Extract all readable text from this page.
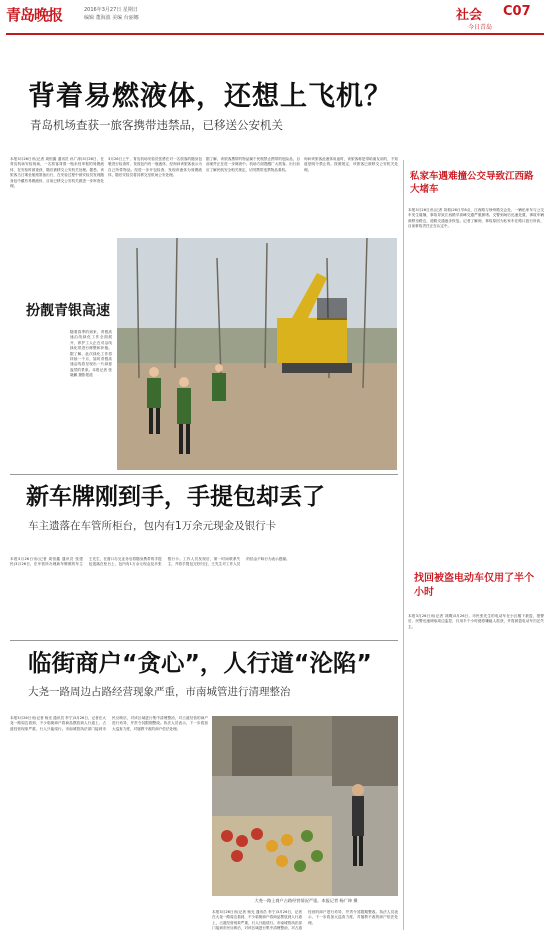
青岛晚报	2016年3月27日 星期日
编辑 董海波 美编 台丽娜	社会 C07
今日青岛
背着易燃液体，还想上飞机？
青岛机场查获一旅客携带违禁品，已移送公安机关
本报3月26日讯(记者 周恒鑫 通讯员 孙广涛)3月26日，在青岛机场安检现场，一名旅客背着一瓶未经申报的易燃液体，在安检时被查获，随后被移交公安机关处理。据悉，该旅客当日乘坐航班准备出行，在安检过程中被安检员发现随身包中藏有易燃液体，目前已移交公安机关做进一步审查处理。
3月26日上午，青岛机场安检员张勇在对一名旅客的随身包裹进行检查时，发现包内有一瓶液体，经询问该旅客表示为自己所带物品。经进一步开包检查，发现该液体为易燃液体，随后安检员将其移交至机场公安处理。
据了解，该旅客携带的物品属于民航禁止携带的危险品，目前案件正在进一步调查中。机场方面提醒广大旅客，出行前应了解民航安全相关规定，切勿携带违禁物品乘机。
询问该旅客此液体用途时，该旅客称是带给朋友用的，不知道是明令禁止的。按照规定，该旅客已被移交公安机关处理。
扮靓青银高速
随着春季的到来，青银高速沿线绿化工作全面展开，养护工人正在对沿线绿化带进行修整和补植。据了解，此次绿化工作将持续一个月，届时青银高速沿线将呈现出一片绿意盎然的景象。本报记者 张晓鹏 摄影报道
私家车遇难撞公交导致江西路大堵车
本报3月26日讯(记者 刘莉)26日早8点，江西路与徐州路交会处，一辆私家车与公交车发生碰撞，事故导致江西路早高峰交通严重拥堵。交警到场后迅速处置，事故车辆被移至路边，道路交通逐步恢复。记者了解到，事故原因为私家车在路口抢行所致，目前事故责任正在认定中。
新车牌刚到手，手提包却丢了
车主遗落在车管所柜台，包内有1万余元现金及银行卡
本报3月26日讯(记者 周恒鑫 通讯员 张建民)3月26日，在车管所办理新车牌照的车主王先生，在窗口办完业务后将随身携带的手提包遗落在柜台上，包内有1万余元现金及多张银行卡。工作人员发现后，第一时间联系失主，并将手提包完好归还，王先生对工作人员的拾金不昧行为表示感谢。
找回被盗电动车仅用了半个小时
本报3月26日讯(记者 刘腾)3月26日，市民张先生的电动车在小区楼下被盗，报警后，民警迅速调取周边监控，仅用半个小时便将嫌疑人抓获，并将被盗电动车归还失主。
临街商户“贪心”，人行道“沦陷”
大尧一路周边占路经营现象严重，市南城管进行清理整治
本报3月26日讯(记者 杨光 通讯员 李宁)3月26日，记者在大尧一路周边看到，不少临街商户将商品摆放到人行道上，占道经营现象严重，行人只能绕行。市南城管执法部门接到市民反映后，对该区域进行集中清理整治，对占道经营的商户进行劝导，并责令其限期整改。执法人员表示，下一步将加大巡查力度，对屡教不改的商户依法处理。
大尧一路上商户占路经营情况严重。本报记者 杨广坤 摄
本报3月26日讯(记者 杨光 通讯员 李宁)3月26日，记者在大尧一路周边看到，不少临街商户将商品摆放到人行道上，占道经营现象严重，行人只能绕行。市南城管执法部门接到市民反映后，对该区域进行集中清理整治，对占道经营的商户进行劝导，并责令其限期整改。执法人员表示，下一步将加大巡查力度，对屡教不改的商户依法处理。
